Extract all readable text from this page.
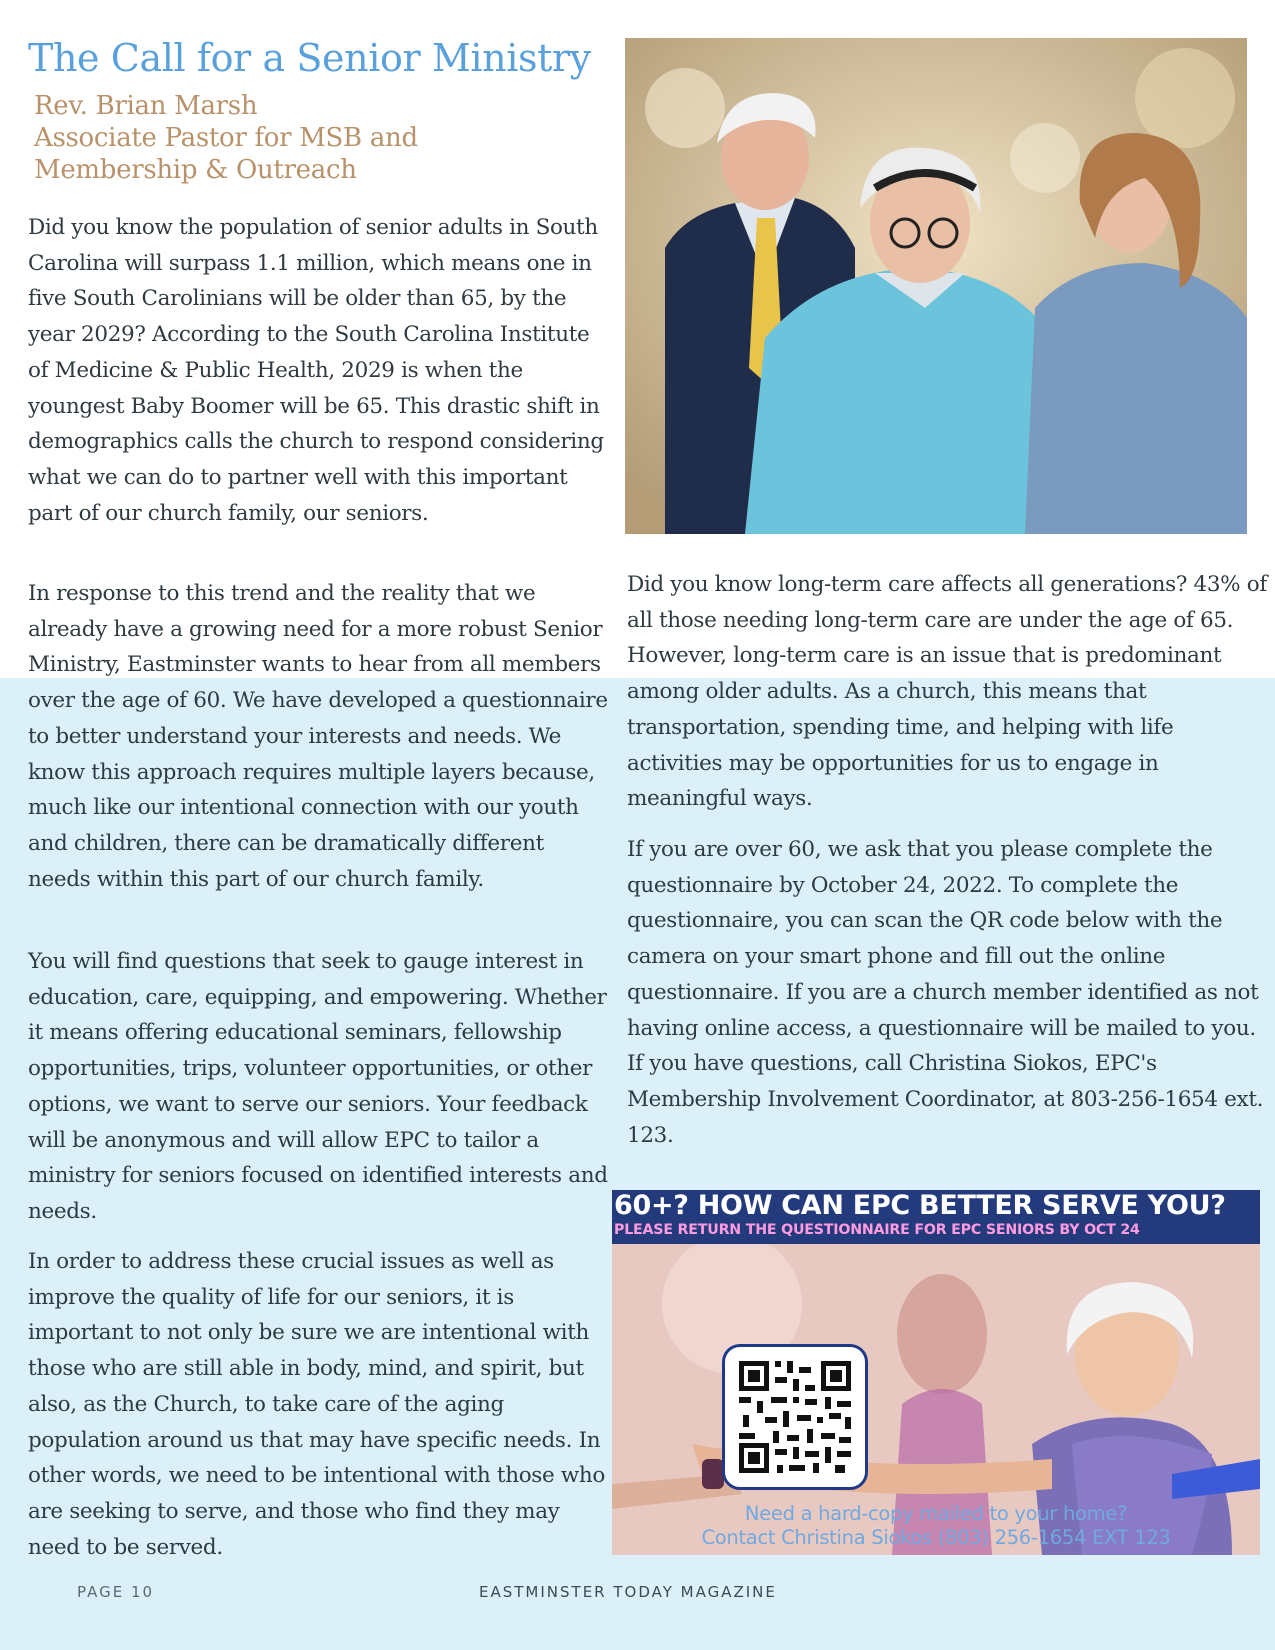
The Call for a Senior Ministry
Rev. Brian Marsh
Associate Pastor for MSB and
Membership & Outreach

Did you know the population of senior adults in South Carolina will surpass 1.1 million, which means one in five South Carolinians will be older than 65, by the year 2029? According to the South Carolina Institute of Medicine & Public Health, 2029 is when the youngest Baby Boomer will be 65. This drastic shift in demographics calls the church to respond considering what we can do to partner well with this important part of our church family, our seniors.

In response to this trend and the reality that we already have a growing need for a more robust Senior Ministry, Eastminster wants to hear from all members over the age of 60. We have developed a questionnaire to better understand your interests and needs. We know this approach requires multiple layers because, much like our intentional connection with our youth and children, there can be dramatically different needs within this part of our church family.

You will find questions that seek to gauge interest in education, care, equipping, and empowering. Whether it means offering educational seminars, fellowship opportunities, trips, volunteer opportunities, or other options, we want to serve our seniors. Your feedback will be anonymous and will allow EPC to tailor a ministry for seniors focused on identified interests and needs.

In order to address these crucial issues as well as improve the quality of life for our seniors, it is important to not only be sure we are intentional with those who are still able in body, mind, and spirit, but also, as the Church, to take care of the aging population around us that may have specific needs. In other words, we need to be intentional with those who are seeking to serve, and those who find they may need to be served.

Did you know long-term care affects all generations? 43% of all those needing long-term care are under the age of 65. However, long-term care is an issue that is predominant among older adults. As a church, this means that transportation, spending time, and helping with life activities may be opportunities for us to engage in meaningful ways.

If you are over 60, we ask that you please complete the questionnaire by October 24, 2022. To complete the questionnaire, you can scan the QR code below with the camera on your smart phone and fill out the online questionnaire. If you are a church member identified as not having online access, a questionnaire will be mailed to you. If you have questions, call Christina Siokos, EPC's Membership Involvement Coordinator, at 803-256-1654 ext. 123.

60+? HOW CAN EPC BETTER SERVE YOU?
PLEASE RETURN THE QUESTIONNAIRE FOR EPC SENIORS BY OCT 24
Need a hard-copy mailed to your home?
Contact Christina Siokos (803) 256-1654 EXT 123
PAGE 10	EASTMINSTER TODAY MAGAZINE
